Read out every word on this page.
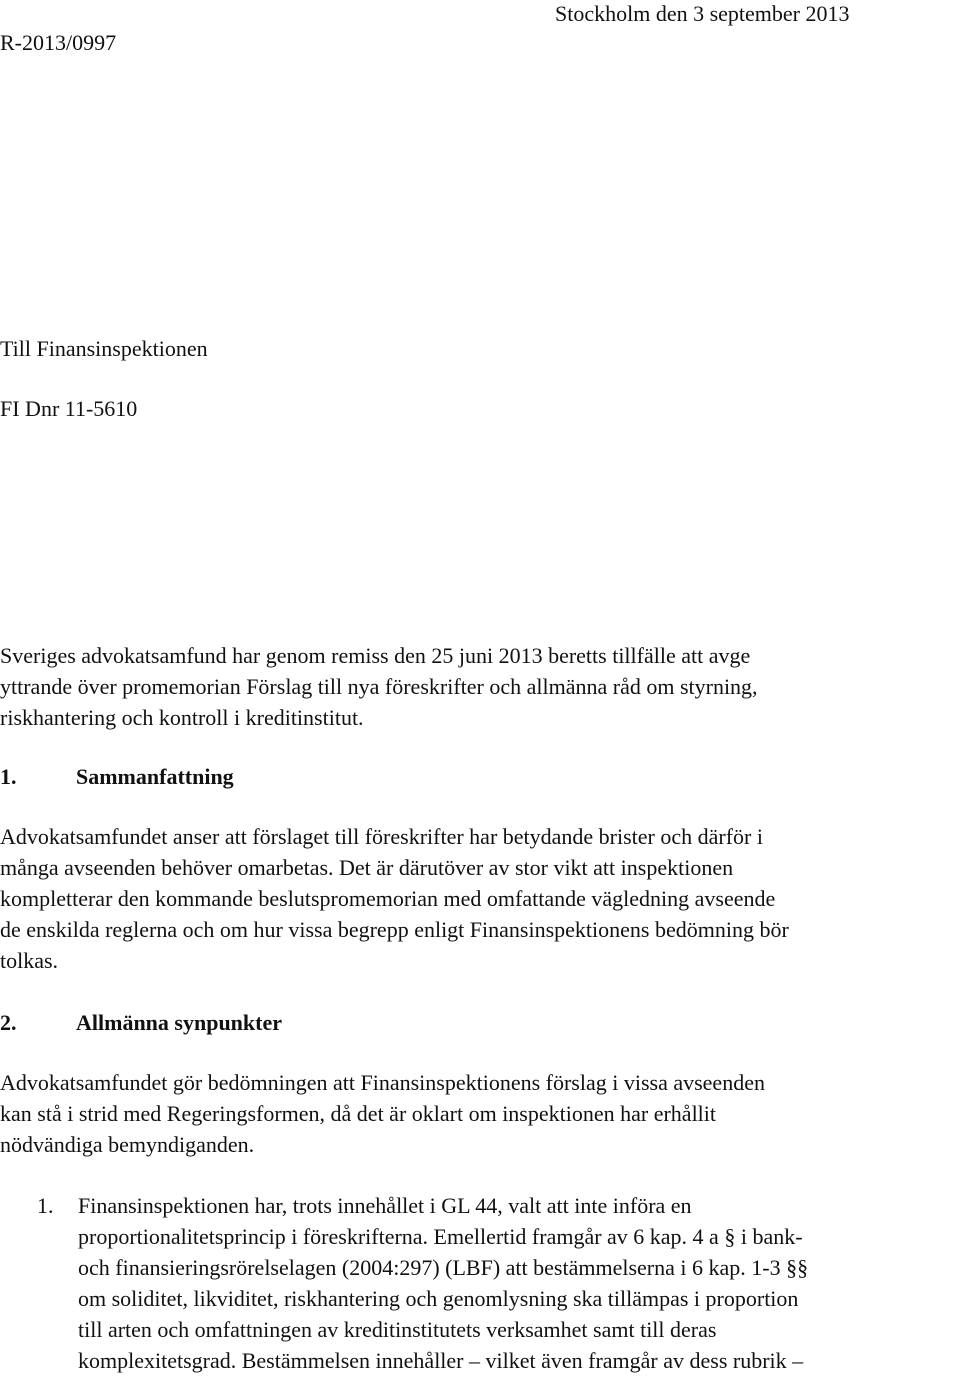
Stockholm den 3 september 2013
R-2013/0997
Till Finansinspektionen
FI Dnr 11-5610
Sveriges advokatsamfund har genom remiss den 25 juni 2013 beretts tillfälle att avge
yttrande över promemorian Förslag till nya föreskrifter och allmänna råd om styrning,
riskhantering och kontroll i kreditinstitut.
1.	Sammanfattning
Advokatsamfundet anser att förslaget till föreskrifter har betydande brister och därför i
många avseenden behöver omarbetas. Det är därutöver av stor vikt att inspektionen
kompletterar den kommande beslutspromemorian med omfattande vägledning avseende
de enskilda reglerna och om hur vissa begrepp enligt Finansinspektionens bedömning bör
tolkas.
2.	Allmänna synpunkter
Advokatsamfundet gör bedömningen att Finansinspektionens förslag i vissa avseenden
kan stå i strid med Regeringsformen, då det är oklart om inspektionen har erhållit
nödvändiga bemyndiganden.
1. Finansinspektionen har, trots innehållet i GL 44, valt att inte införa en
proportionalitetsprincip i föreskrifterna. Emellertid framgår av 6 kap. 4 a § i bank-
och finansieringsrörelselagen (2004:297) (LBF) att bestämmelserna i 6 kap. 1-3 §§
om soliditet, likviditet, riskhantering och genomlysning ska tillämpas i proportion
till arten och omfattningen av kreditinstitutets verksamhet samt till deras
komplexitetsgrad. Bestämmelsen innehåller – vilket även framgår av dess rubrik –
